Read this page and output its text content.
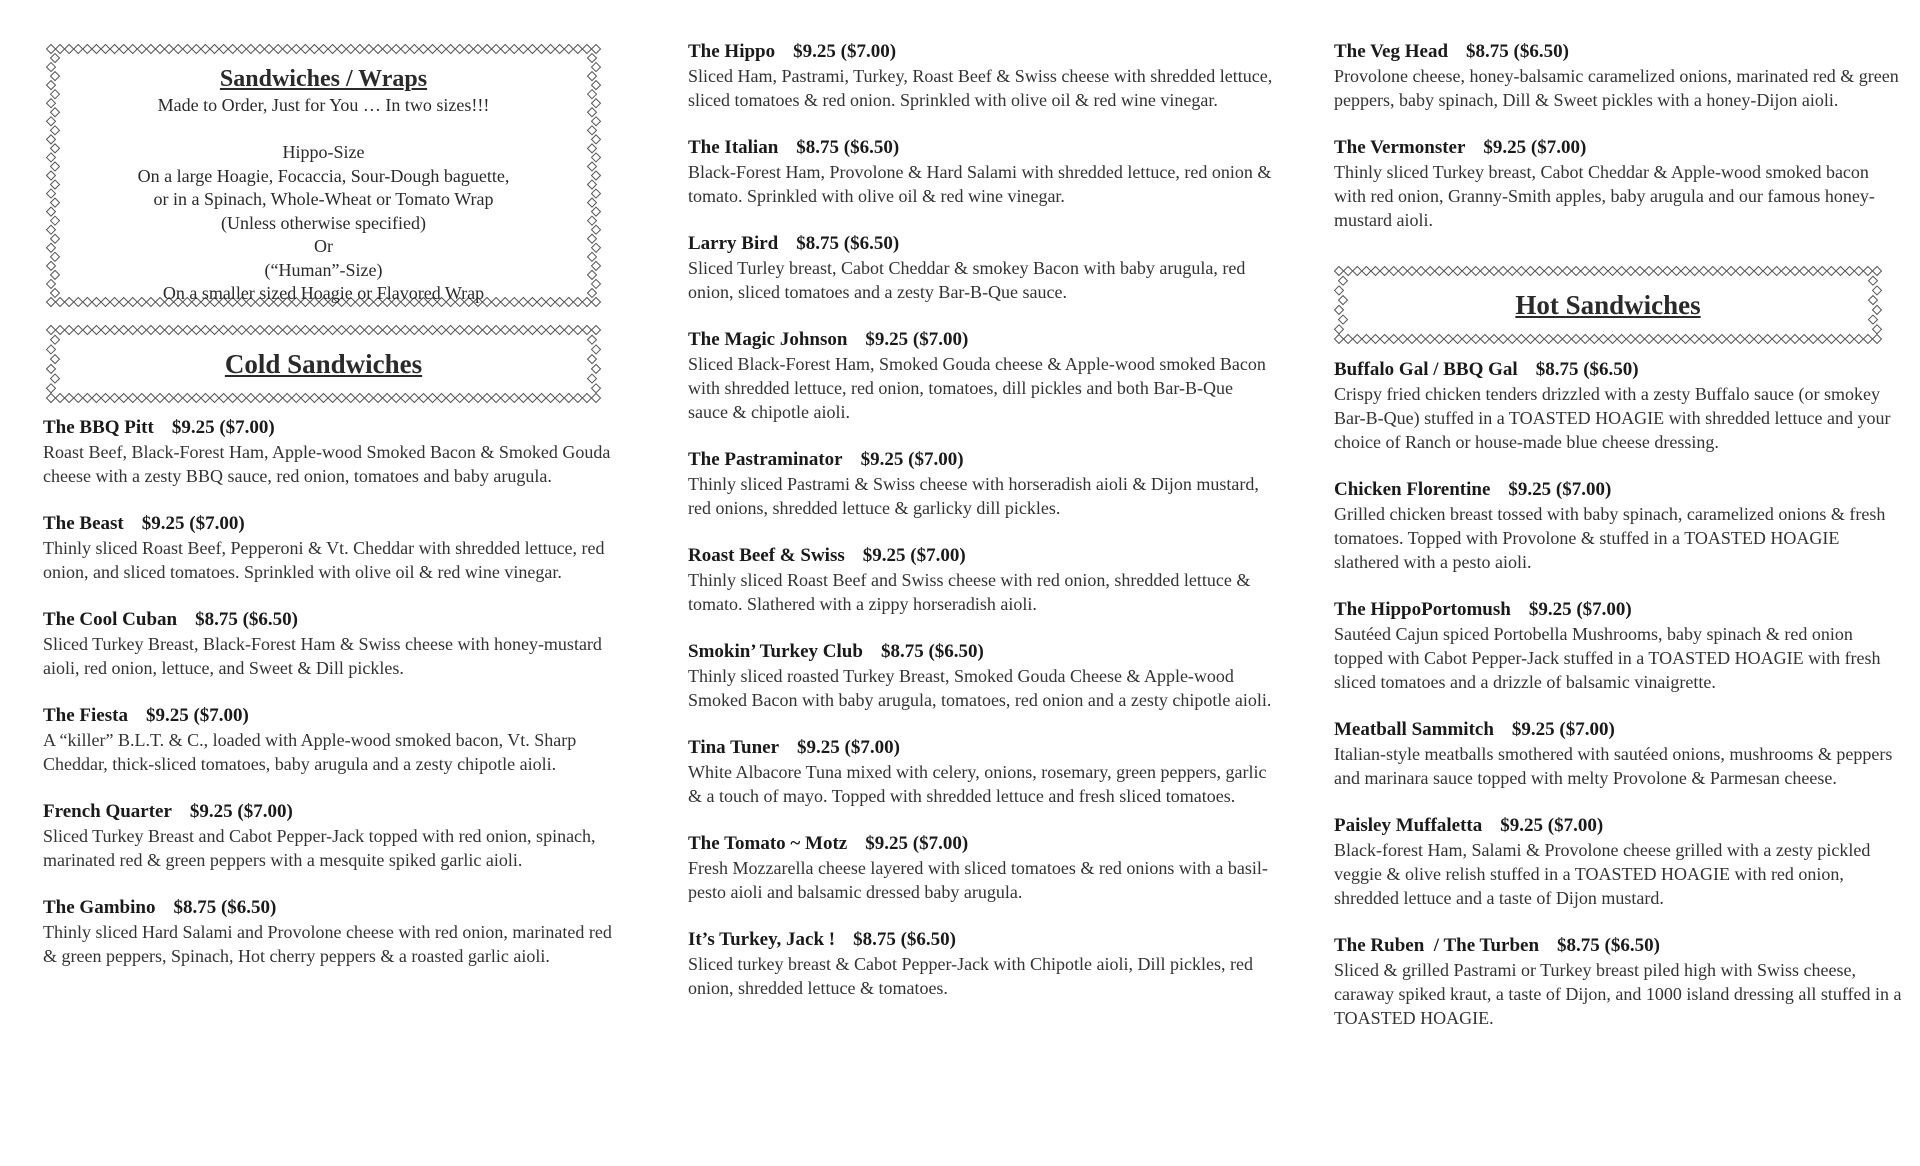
Sandwiches / Wraps
Made to Order, Just for You … In two sizes!!!

Hippo-Size
On a large Hoagie, Focaccia, Sour-Dough baguette,
or in a Spinach, Whole-Wheat or Tomato Wrap
(Unless otherwise specified)
Or
(“Human”-Size)
On a smaller sized Hoagie or Flavored Wrap
Cold Sandwiches
The BBQ Pitt $9.25 ($7.00)

Roast Beef, Black-Forest Ham, Apple-wood Smoked Bacon & Smoked Gouda cheese with a zesty BBQ sauce, red onion, tomatoes and baby arugula.

The Beast $9.25 ($7.00)

Thinly sliced Roast Beef, Pepperoni & Vt. Cheddar with shredded lettuce, red onion, and sliced tomatoes. Sprinkled with olive oil & red wine vinegar.

The Cool Cuban $8.75 ($6.50)

Sliced Turkey Breast, Black-Forest Ham & Swiss cheese with honey-mustard aioli, red onion, lettuce, and Sweet & Dill pickles.

The Fiesta $9.25 ($7.00)

A “killer” B.L.T. & C., loaded with Apple-wood smoked bacon, Vt. Sharp Cheddar, thick-sliced tomatoes, baby arugula and a zesty chipotle aioli.

French Quarter $9.25 ($7.00)

Sliced Turkey Breast and Cabot Pepper-Jack topped with red onion, spinach, marinated red & green peppers with a mesquite spiked garlic aioli.

The Gambino $8.75 ($6.50)

Thinly sliced Hard Salami and Provolone cheese with red onion, marinated red & green peppers, Spinach, Hot cherry peppers & a roasted garlic aioli.

The Hippo $9.25 ($7.00)

Sliced Ham, Pastrami, Turkey, Roast Beef & Swiss cheese with shredded lettuce, sliced tomatoes & red onion. Sprinkled with olive oil & red wine vinegar.

The Italian $8.75 ($6.50)

Black-Forest Ham, Provolone & Hard Salami with shredded lettuce, red onion & tomato. Sprinkled with olive oil & red wine vinegar.

Larry Bird $8.75 ($6.50)

Sliced Turley breast, Cabot Cheddar & smokey Bacon with baby arugula, red onion, sliced tomatoes and a zesty Bar-B-Que sauce.

The Magic Johnson $9.25 ($7.00)

Sliced Black-Forest Ham, Smoked Gouda cheese & Apple-wood smoked Bacon with shredded lettuce, red onion, tomatoes, dill pickles and both Bar-B-Que sauce & chipotle aioli.

The Pastraminator $9.25 ($7.00)

Thinly sliced Pastrami & Swiss cheese with horseradish aioli & Dijon mustard, red onions, shredded lettuce & garlicky dill pickles.

Roast Beef & Swiss $9.25 ($7.00)

Thinly sliced Roast Beef and Swiss cheese with red onion, shredded lettuce & tomato. Slathered with a zippy horseradish aioli.

Smokin’ Turkey Club $8.75 ($6.50)

Thinly sliced roasted Turkey Breast, Smoked Gouda Cheese & Apple-wood Smoked Bacon with baby arugula, tomatoes, red onion and a zesty chipotle aioli.

Tina Tuner $9.25 ($7.00)

White Albacore Tuna mixed with celery, onions, rosemary, green peppers, garlic & a touch of mayo. Topped with shredded lettuce and fresh sliced tomatoes.

The Tomato ~ Motz $9.25 ($7.00)

Fresh Mozzarella cheese layered with sliced tomatoes & red onions with a basil-pesto aioli and balsamic dressed baby arugula.

It’s Turkey, Jack ! $8.75 ($6.50)

Sliced turkey breast & Cabot Pepper-Jack with Chipotle aioli, Dill pickles, red onion, shredded lettuce & tomatoes.

The Veg Head $8.75 ($6.50)

Provolone cheese, honey-balsamic caramelized onions, marinated red & green peppers, baby spinach, Dill & Sweet pickles with a honey-Dijon aioli.

The Vermonster $9.25 ($7.00)

Thinly sliced Turkey breast, Cabot Cheddar & Apple-wood smoked bacon with red onion, Granny-Smith apples, baby arugula and our famous honey-mustard aioli.

Hot Sandwiches
Buffalo Gal / BBQ Gal $8.75 ($6.50)

Crispy fried chicken tenders drizzled with a zesty Buffalo sauce (or smokey Bar-B-Que) stuffed in a TOASTED HOAGIE with shredded lettuce and your choice of Ranch or house-made blue cheese dressing.

Chicken Florentine $9.25 ($7.00)

Grilled chicken breast tossed with baby spinach, caramelized onions & fresh tomatoes. Topped with Provolone & stuffed in a TOASTED HOAGIE slathered with a pesto aioli.

The HippoPortomush $9.25 ($7.00)

Sautéed Cajun spiced Portobella Mushrooms, baby spinach & red onion topped with Cabot Pepper-Jack stuffed in a TOASTED HOAGIE with fresh sliced tomatoes and a drizzle of balsamic vinaigrette.

Meatball Sammitch $9.25 ($7.00)

Italian-style meatballs smothered with sautéed onions, mushrooms & peppers and marinara sauce topped with melty Provolone & Parmesan cheese.

Paisley Muffaletta $9.25 ($7.00)

Black-forest Ham, Salami & Provolone cheese grilled with a zesty pickled veggie & olive relish stuffed in a TOASTED HOAGIE with red onion, shredded lettuce and a taste of Dijon mustard.

The Ruben  / The Turben $8.75 ($6.50)

Sliced & grilled Pastrami or Turkey breast piled high with Swiss cheese, caraway spiked kraut, a taste of Dijon, and 1000 island dressing all stuffed in a TOASTED HOAGIE.
